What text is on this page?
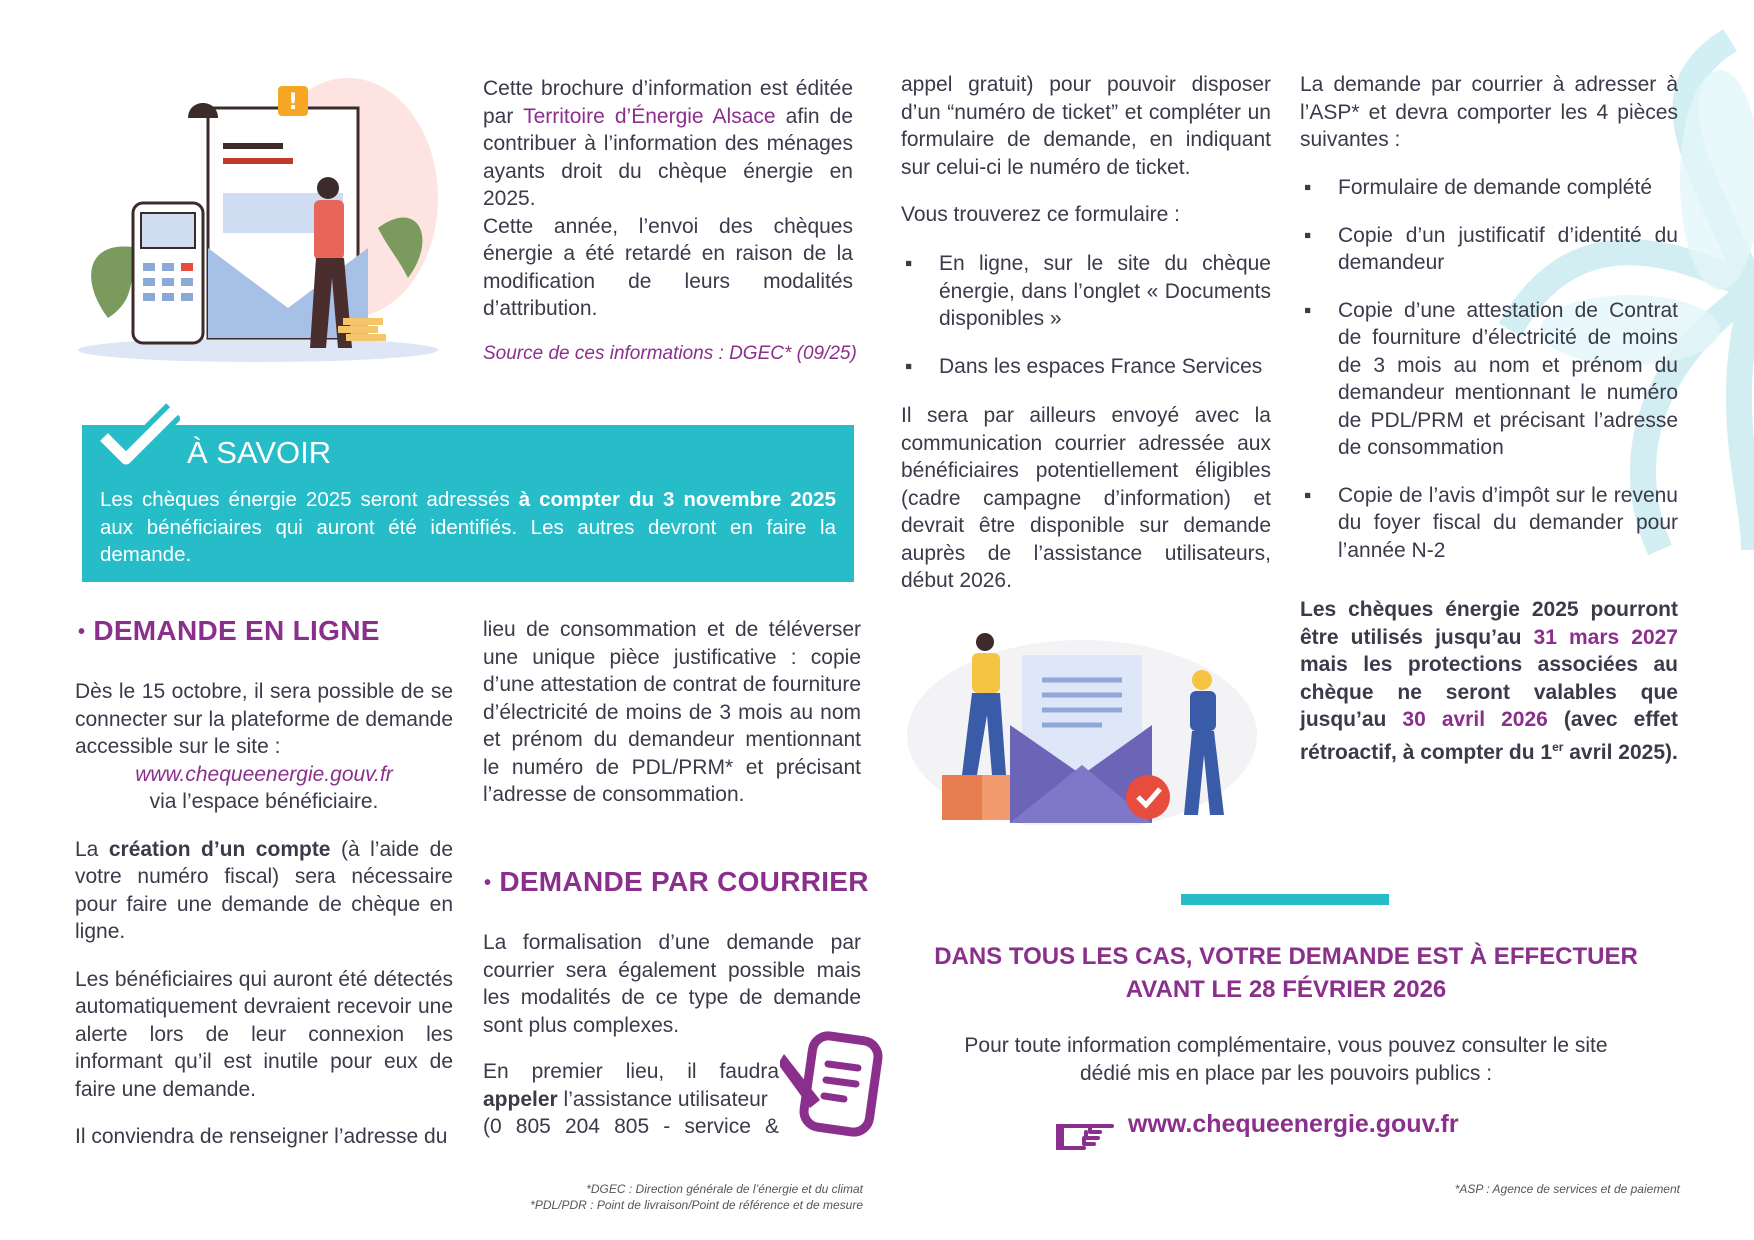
!

Cette brochure d’information est éditée par Territoire d’Énergie Alsace afin de contribuer à l’information des ménages ayants droit du chèque énergie en 2025.

Cette année, l’envoi des chèques énergie a été retardé en raison de la modification de leurs modalités d’attribution.

Source de ces informations : DGEC* (09/25)
À SAVOIR
Les chèques énergie 2025 seront adressés à compter du 3 novembre 2025 aux bénéficiaires qui auront été identifiés. Les autres devront en faire la demande.
• DEMANDE EN LIGNE

Dès le 15 octobre, il sera possible de se connecter sur la plateforme de demande accessible sur le site :

www.chequeenergie.gouv.fr
via l’espace bénéficiaire.

La création d’un compte (à l’aide de votre numéro fiscal) sera nécessaire pour faire une demande de chèque en ligne.

Les bénéficiaires qui auront été détectés automatiquement devraient recevoir une alerte lors de leur connexion les informant qu’il est inutile pour eux de faire une demande.

Il conviendra de renseigner l’adresse du

lieu de consommation et de téléverser une unique pièce justificative : copie d’une attestation de contrat de fourniture d’électricité de moins de 3 mois au nom et prénom du demandeur mentionnant le numéro de PDL/PRM* et précisant l’adresse de consommation.
• DEMANDE PAR COURRIER
La formalisation d’une demande par courrier sera également possible mais les modalités de ce type de demande sont plus complexes.
En premier lieu, il faudra
appeler l’assistance utilisateur
(0 805 204 805 - service &
appel gratuit) pour pouvoir disposer d’un “numéro de ticket” et compléter un formulaire de demande, en indiquant sur celui-ci le numéro de ticket.
Vous trouverez ce formulaire :
▪ En ligne, sur le site du chèque énergie, dans l’onglet « Documents disponibles »
▪ Dans les espaces France Services
Il sera par ailleurs envoyé avec la communication courrier adressée aux bénéficiaires potentiellement éligibles (cadre campagne d’information) et devrait être disponible sur demande auprès de l’assistance utilisateurs, début 2026.
La demande par courrier à adresser à l’ASP* et devra comporter les 4 pièces suivantes :
▪ Formulaire de demande complété
▪ Copie d’un justificatif d’identité du demandeur
▪ Copie d’une attestation de Contrat de fourniture d’électricité de moins de 3 mois au nom et prénom du demandeur mentionnant le numéro de PDL/PRM et précisant l’adresse de consommation
▪ Copie de l’avis d’impôt sur le revenu du foyer fiscal du demander pour l’année N-2
Les chèques énergie 2025 pourront être utilisés jusqu’au 31 mars 2027 mais les protections associées au chèque ne seront valables que jusqu’au 30 avril 2026 (avec effet rétroactif, à compter du 1er avril 2025).
DANS TOUS LES CAS, VOTRE DEMANDE EST À EFFECTUER
AVANT LE 28 FÉVRIER 2026
Pour toute information complémentaire, vous pouvez consulter le site dédié mis en place par les pouvoirs publics :
www.chequeenergie.gouv.fr
*DGEC : Direction générale de l’énergie et du climat
*PDL/PDR : Point de livraison/Point de référence et de mesure
*ASP : Agence de services et de paiement
